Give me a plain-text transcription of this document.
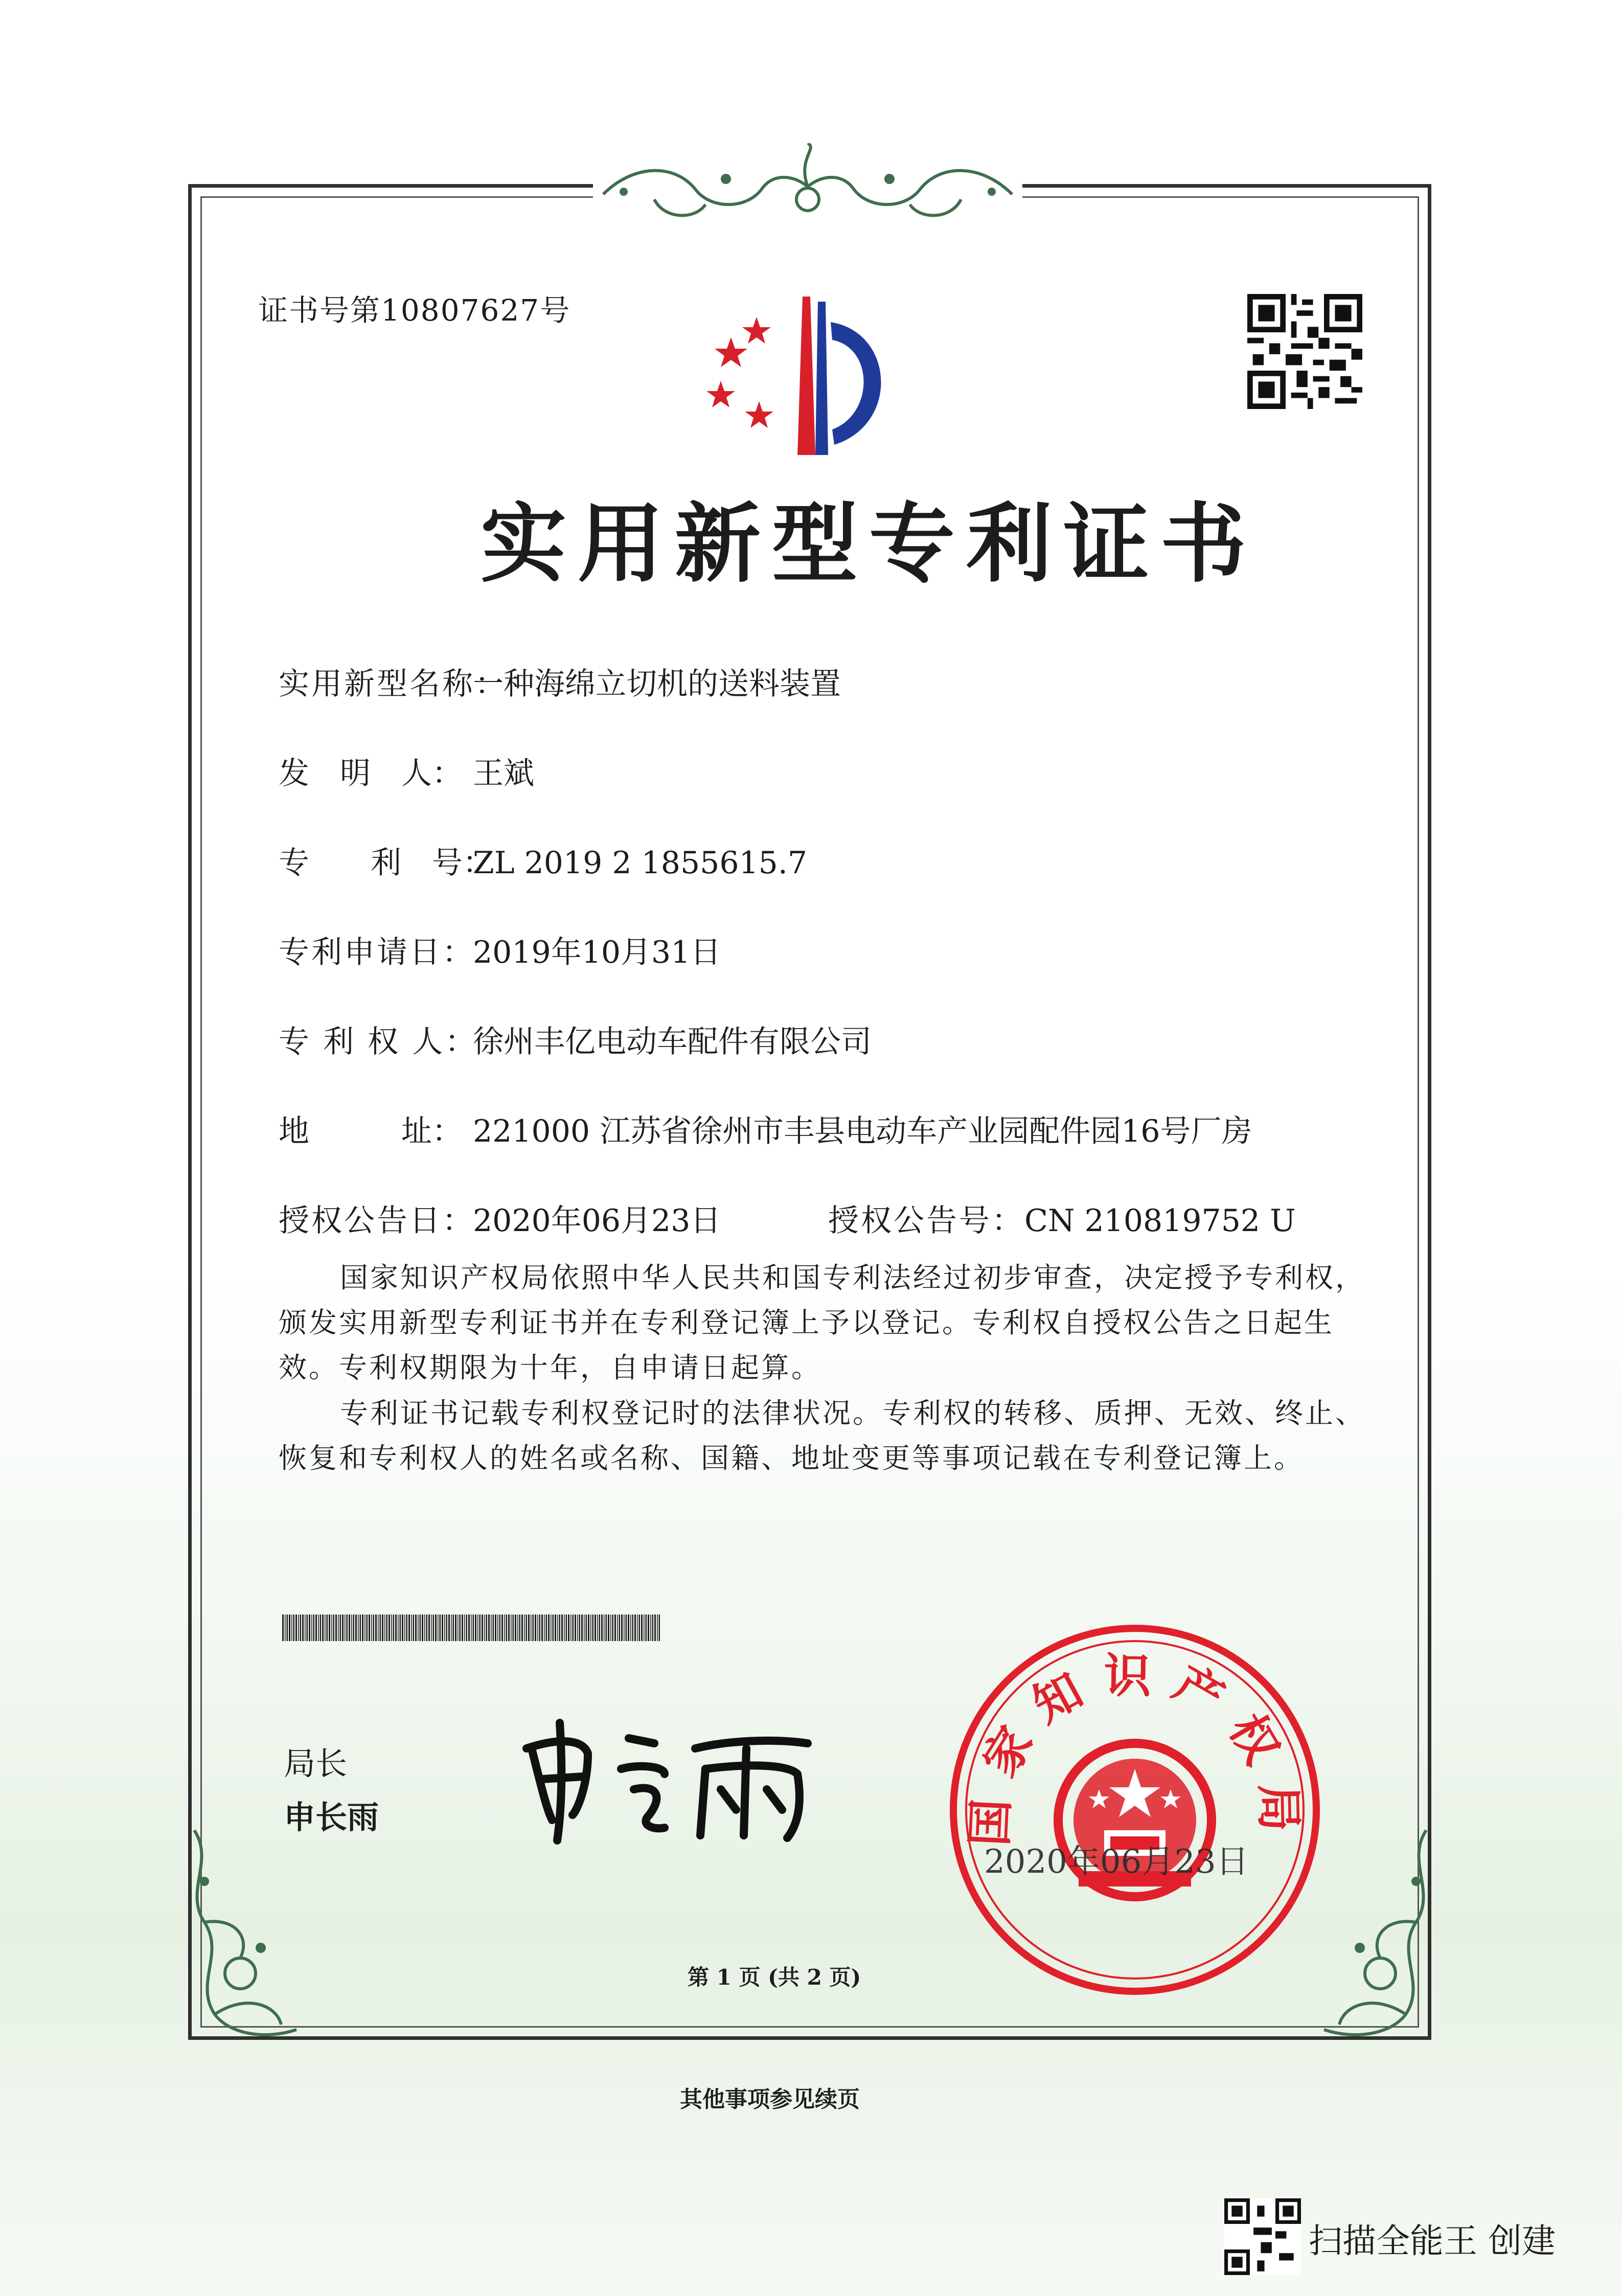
证书号第10807627号
实用新型专利证书
实用新型名称：一种海绵立切机的送料装置
发　明　人： 王斌
专　　利　号：ZL 2019 2 1855615.7
专利申请日：2019年10月31日
专 利 权 人：徐州丰亿电动车配件有限公司
地　　　址： 221000 江苏省徐州市丰县电动车产业园配件园16号厂房
授权公告日：2020年06月23日	授权公告号：CN 210819752 U
国家知识产权局依照中华人民共和国专利法经过初步审查，决定授予专利权，颁发实用新型专利证书并在专利登记簿上予以登记。专利权自授权公告之日起生效。专利权期限为十年，自申请日起算。
专利证书记载专利权登记时的法律状况。专利权的转移、质押、无效、终止、恢复和专利权人的姓名或名称、国籍、地址变更等事项记载在专利登记簿上。
局长
申长雨	国家知识产权局
2020年06月23日
第 1 页 (共 2 页)
其他事项参见续页
扫描全能王 创建
